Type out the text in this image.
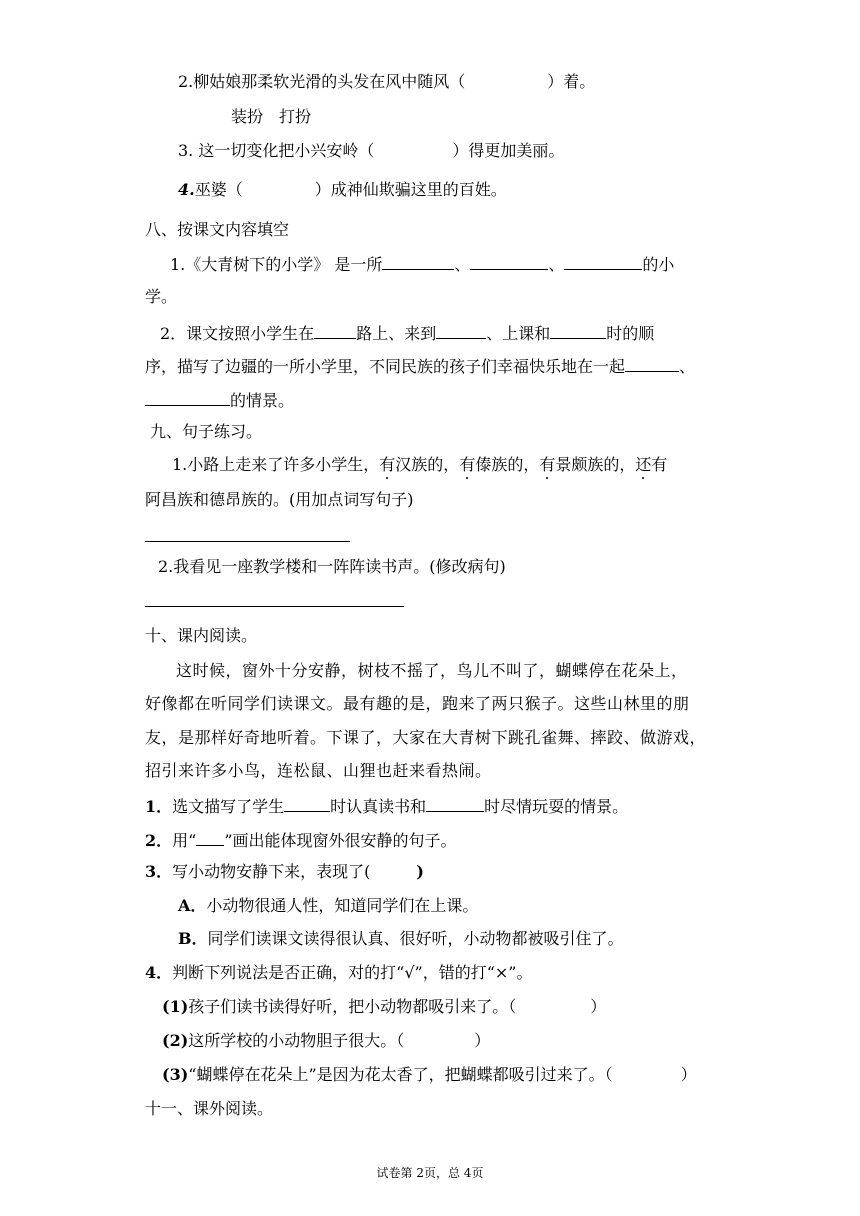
2.柳姑娘那柔软光滑的头发在风中随风（	）着。
装扮　打扮
3. 这一切变化把小兴安岭（	）得更加美丽。
4.巫婆（	）成神仙欺骗这里的百姓。
八、按课文内容填空
1.《大青树下的小学》 是一所	、	、	的小
学。
2．课文按照小学生在	路上、来到	、上课和	时的顺
序，描写了边疆的一所小学里，不同民族的孩子们幸福快乐地在一起	、
的情景。
九、句子练习。
1.小路上走来了许多小学生，有汉族的，有傣族的，有景颇族的，还有
阿昌族和德昂族的。(用加点词写句子)
2.我看见一座教学楼和一阵阵读书声。(修改病句)
十、课内阅读。
这时候，窗外十分安静，树枝不摇了，鸟儿不叫了，蝴蝶停在花朵上，
好像都在听同学们读课文。最有趣的是，跑来了两只猴子。这些山林里的朋
友，是那样好奇地听着。下课了，大家在大青树下跳孔雀舞、摔跤、做游戏，
招引来许多小鸟，连松鼠、山狸也赶来看热闹。
1．选文描写了学生	时认真读书和	时尽情玩耍的情景。
2．用“ ”画出能体现窗外很安静的句子。
3．写小动物安静下来，表现了(	)
A．小动物很通人性，知道同学们在上课。
B．同学们读课文读得很认真、很好听，小动物都被吸引住了。
4．判断下列说法是否正确，对的打“√”，错的打“×”。
(1)孩子们读书读得好听，把小动物都吸引来了。（	）
(2)这所学校的小动物胆子很大。（	）
(3)“蝴蝶停在花朵上”是因为花太香了，把蝴蝶都吸引过来了。（	）
十一、课外阅读。
试卷第 2页，总 4页
